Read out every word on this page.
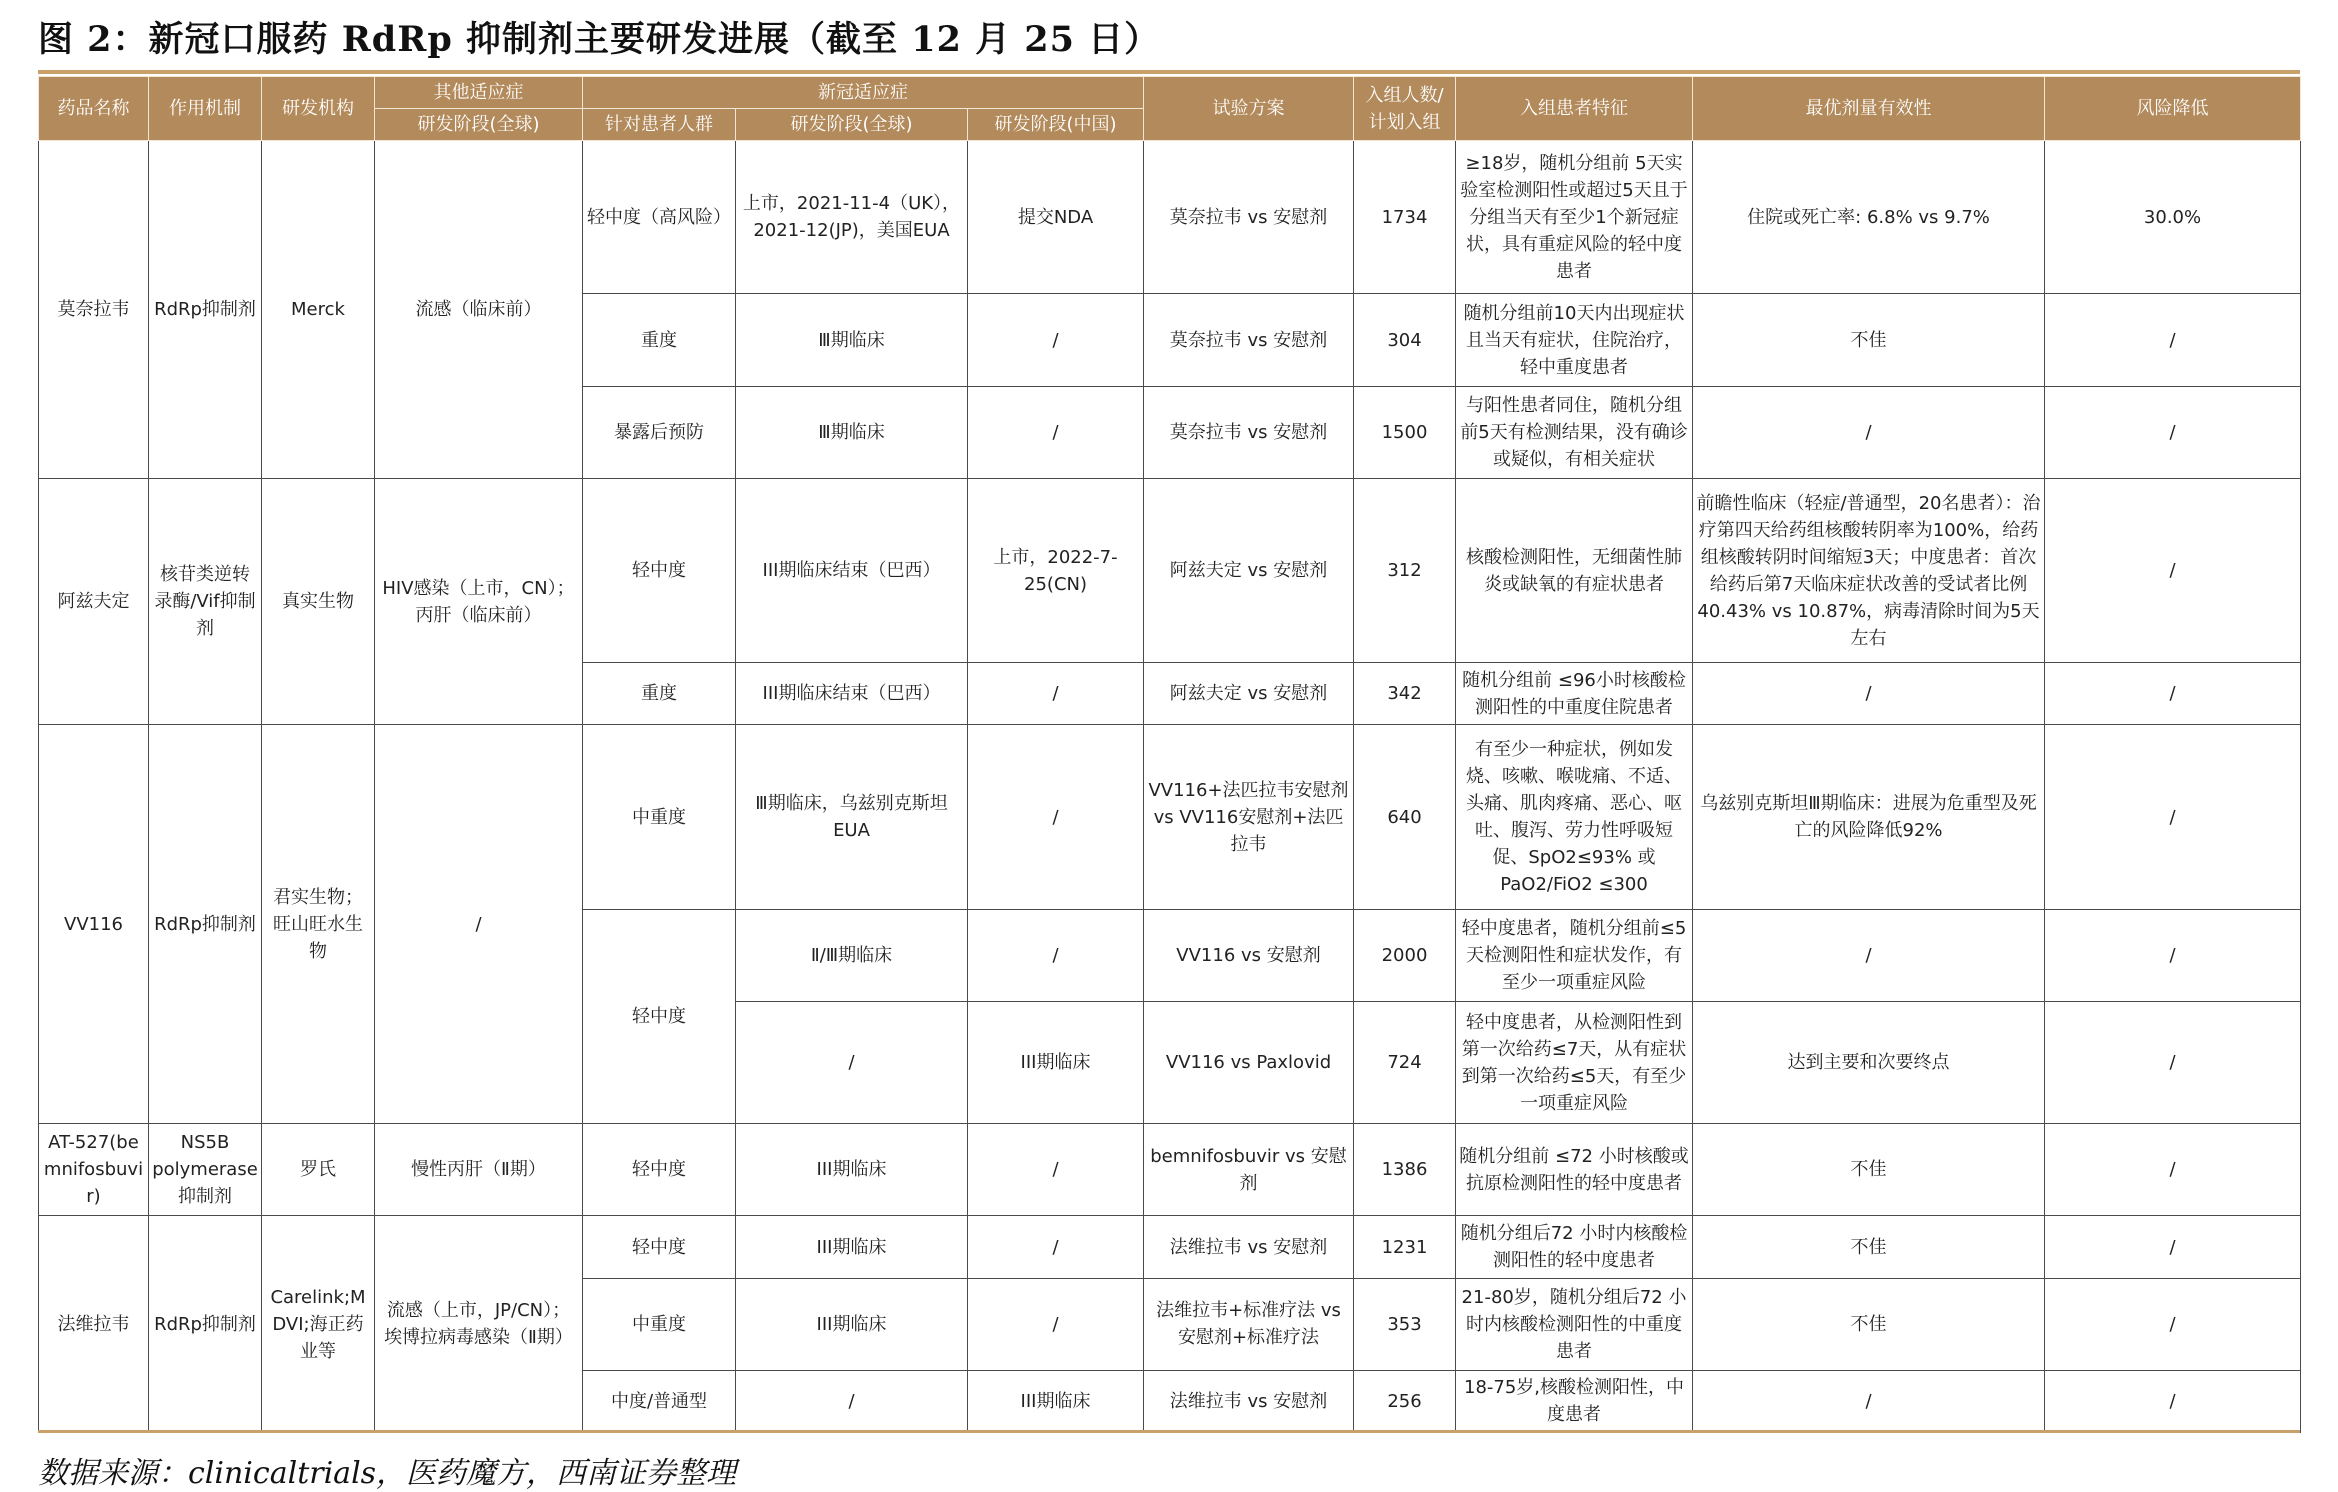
图 2：新冠口服药 RdRp 抑制剂主要研发进展（截至 12 月 25 日）
药品名称	作用机制	研发机构	其他适应症	新冠适应症			试验方案	入组人数/计划入组	入组患者特征	最优剂量有效性	风险降低
			研发阶段(全球)	针对患者人群	研发阶段(全球)	研发阶段(中国)					
莫奈拉韦	RdRp抑制剂	Merck	流感（临床前）	轻中度（高风险）	上市，2021-11-4（UK），2021-12(JP)，美国EUA	提交NDA	莫奈拉韦 vs 安慰剂	1734	≥18岁，随机分组前 5天实验室检测阳性或超过5天且于分组当天有至少1个新冠症状，具有重症风险的轻中度患者	住院或死亡率: 6.8% vs 9.7%	30.0%
				重度	Ⅲ期临床	/	莫奈拉韦 vs 安慰剂	304	随机分组前10天内出现症状且当天有症状，住院治疗，轻中重度患者	不佳	/
				暴露后预防	Ⅲ期临床	/	莫奈拉韦 vs 安慰剂	1500	与阳性患者同住，随机分组前5天有检测结果，没有确诊或疑似，有相关症状	/	/
阿兹夫定	核苷类逆转录酶/Vif抑制剂	真实生物	HIV感染（上市，CN）；丙肝（临床前）	轻中度	III期临床结束（巴西）	上市，2022-7-25(CN)	阿兹夫定 vs 安慰剂	312	核酸检测阳性，无细菌性肺炎或缺氧的有症状患者	前瞻性临床（轻症/普通型，20名患者）：治疗第四天给药组核酸转阴率为100%，给药组核酸转阴时间缩短3天；中度患者：首次给药后第7天临床症状改善的受试者比例40.43% vs 10.87%，病毒清除时间为5天左右	/
				重度	III期临床结束（巴西）	/	阿兹夫定 vs 安慰剂	342	随机分组前 ≤96小时核酸检测阳性的中重度住院患者	/	/
VV116	RdRp抑制剂	君实生物；旺山旺水生物	/	中重度	Ⅲ期临床，乌兹别克斯坦EUA	/	VV116+法匹拉韦安慰剂 vs VV116安慰剂+法匹拉韦	640	有至少一种症状，例如发烧、咳嗽、喉咙痛、不适、头痛、肌肉疼痛、恶心、呕吐、腹泻、劳力性呼吸短促、SpO2≤93% 或 PaO2/FiO2 ≤300	乌兹别克斯坦Ⅲ期临床：进展为危重型及死亡的风险降低92%	/
				轻中度	Ⅱ/Ⅲ期临床	/	VV116 vs 安慰剂	2000	轻中度患者，随机分组前≤5天检测阳性和症状发作，有至少一项重症风险	/	/
					/	III期临床	VV116 vs Paxlovid	724	轻中度患者，从检测阳性到第一次给药≤7天，从有症状到第一次给药≤5天，有至少一项重症风险	达到主要和次要终点	/
AT-527(bemnifosbuvir)	NS5B polymerase抑制剂	罗氏	慢性丙肝（Ⅱ期）	轻中度	III期临床	/	bemnifosbuvir vs 安慰剂	1386	随机分组前 ≤72 小时核酸或抗原检测阳性的轻中度患者	不佳	/
法维拉韦	RdRp抑制剂	Carelink;MDVI;海正药业等	流感（上市，JP/CN）；埃博拉病毒感染（Ⅱ期）	轻中度	III期临床	/	法维拉韦 vs 安慰剂	1231	随机分组后72 小时内核酸检测阳性的轻中度患者	不佳	/
				中重度	III期临床	/	法维拉韦+标准疗法 vs 安慰剂+标准疗法	353	21-80岁，随机分组后72 小时内核酸检测阳性的中重度患者	不佳	/
				中度/普通型	/	III期临床	法维拉韦 vs 安慰剂	256	18-75岁,核酸检测阳性，中度患者	/	/
数据来源：clinicaltrials，医药魔方，西南证券整理
